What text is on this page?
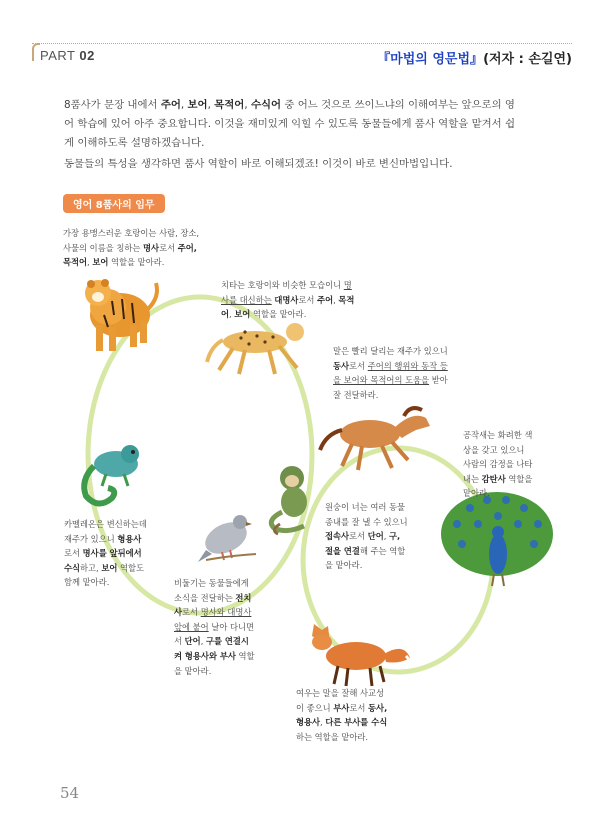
PART 02	『마법의 영문법』(저자 : 손길연)

8품사가 문장 내에서 주어, 보어, 목적어, 수식어 중 어느 것으로 쓰이느냐의 이해여부는 앞으로의 영

어 학습에 있어 아주 중요합니다. 이것을 재미있게 익힐 수 있도록 동물들에게 품사 역할을 맡겨서 쉽

게 이해하도록 설명하겠습니다.

동물들의 특성을 생각하면 품사 역할이 바로 이해되겠죠! 이것이 바로 변신마법입니다.

영어 8품사의 임무
가장 용맹스러운 호랑이는 사람, 장소,
사물의 이름을 칭하는 명사로서 주어,
목적어, 보어 역할을 맡아라.
치타는 호랑이와 비슷한 모습이니 명
사를 대신하는 대명사로서 주어, 목적
어, 보어 역할을 맡아라.
말은 빨리 달리는 재주가 있으니
동사로서 주어의 행위와 동작 등
을 보어와 목적어의 도움을 받아
잘 전달하라.
공작새는 화려한 색
상을 갖고 있으니
사람의 감정을 나타
내는 감탄사 역할을
맡아라.
원숭이 너는 여러 동물
종내를 잘 낼 수 있으니
접속사로서 단어, 구,
절을 연결해 주는 역할
을 맡아라.
카멜레온은 변신하는데
재주가 있으니 형용사
로서 명사를 앞뒤에서
수식하고, 보어 역할도
함께 맡아라.	비둘기는 동물들에게
소식을 전달하는 전치
사로서 명사와 대명사
앞에 붙어 날아 다니면
서 단어, 구를 연결시
켜 형용사와 부사 역할
을 맡아라.
여우는 말을 잘해 사교성
이 좋으니 부사로서 동사,
형용사, 다른 부사를 수식
하는 역할을 맡아라.
54
